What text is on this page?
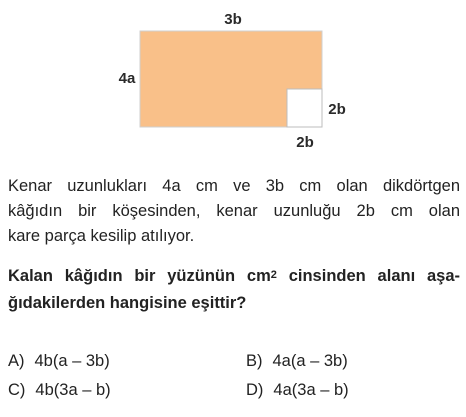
3b
4a
2b
2b
Kenar uzunlukları 4a cm ve 3b cm olan dikdörtgen
kâğıdın bir köşesinden, kenar uzunluğu 2b cm olan
kare parça kesilip atılıyor.
Kalan kâğıdın bir yüzünün $cm^2$ cinsinden alanı aşa-
ğıdakilerden hangisine eşittir?
A) 4b(a – 3b)	B) 4a(a – 3b)
C) 4b(3a – b)	D) 4a(3a – b)
